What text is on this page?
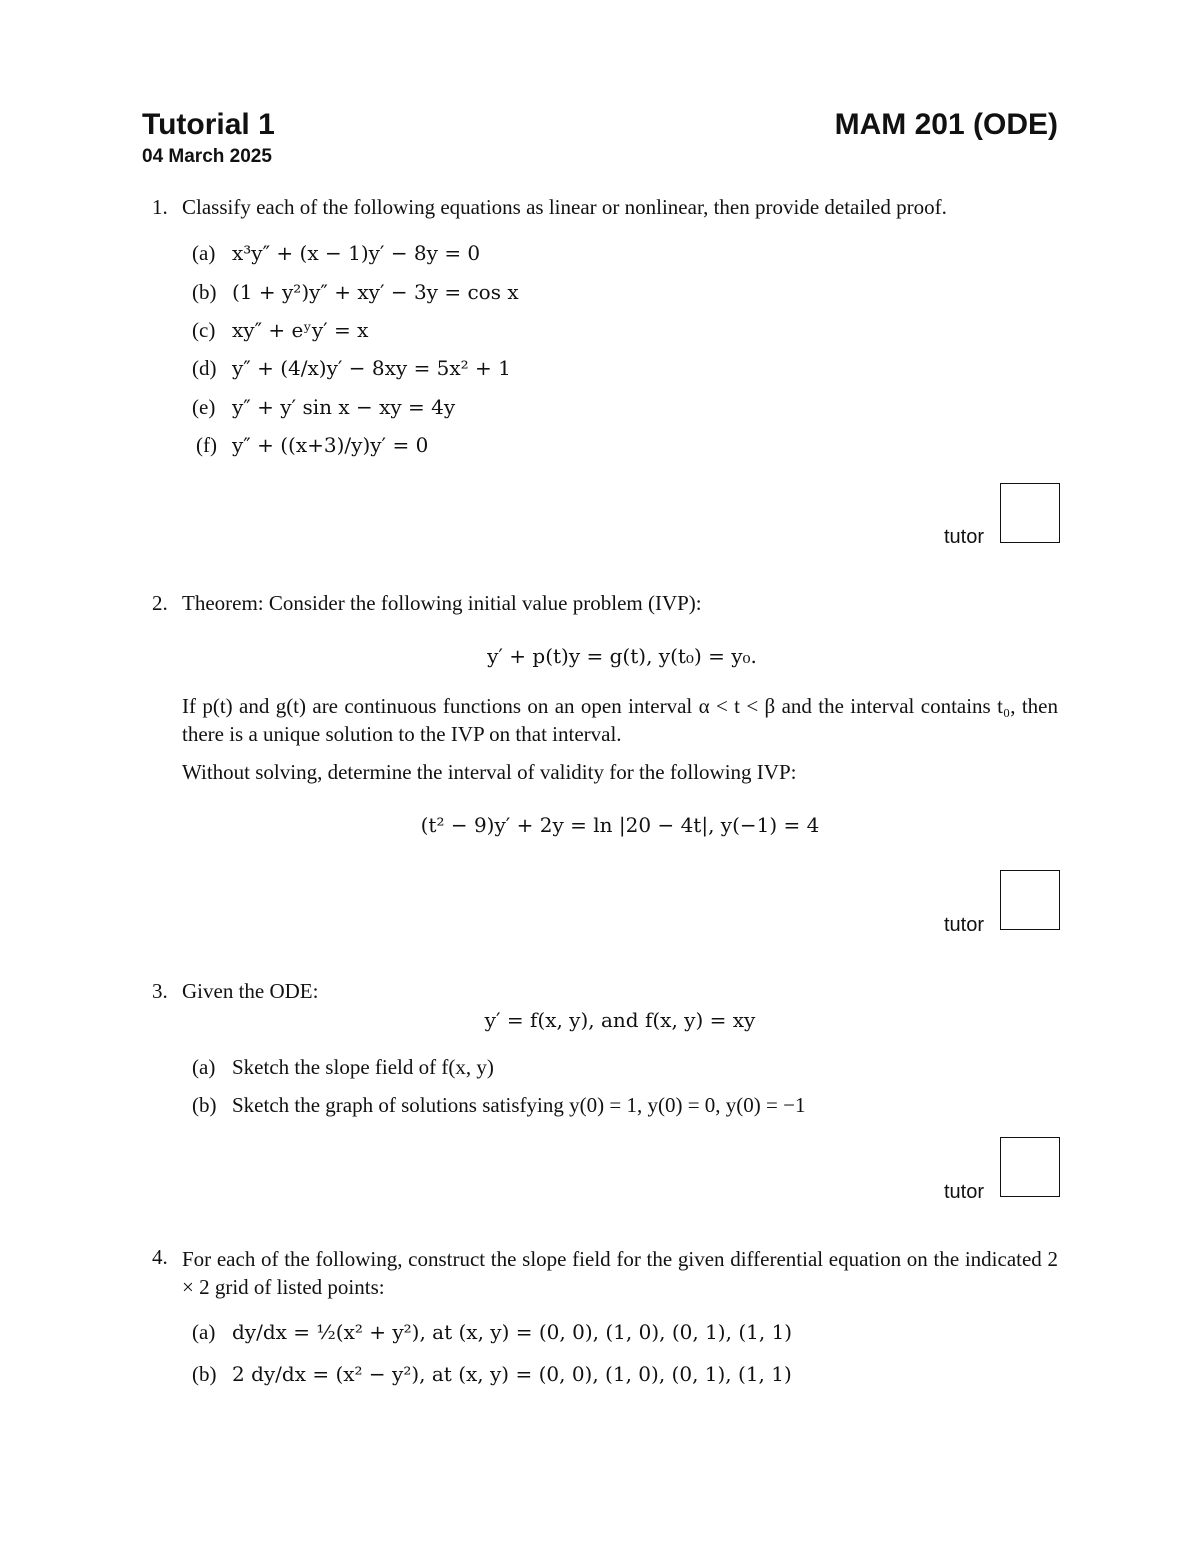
Tutorial 1	MAM 201 (ODE)
04 March 2025
1. Classify each of the following equations as linear or nonlinear, then provide detailed proof.
(a) x³y″ + (x − 1)y′ − 8y = 0
(b) (1 + y²)y″ + xy′ − 3y = cos x
(c) xy″ + eʸy′ = x
(d) y″ + (4/x)y′ − 8xy = 5x² + 1
(e) y″ + y′ sin x − xy = 4y
(f) y″ + ((x+3)/y)y′ = 0
tutor
2. Theorem: Consider the following initial value problem (IVP):
y′ + p(t)y = g(t), y(t₀) = y₀.
If p(t) and g(t) are continuous functions on an open interval α < t < β and the interval contains t₀, then there is a unique solution to the IVP on that interval.
Without solving, determine the interval of validity for the following IVP:
(t² − 9)y′ + 2y = ln |20 − 4t|, y(−1) = 4
tutor
3. Given the ODE:
y′ = f(x, y), and f(x, y) = xy
(a) Sketch the slope field of f(x, y)
(b) Sketch the graph of solutions satisfying y(0) = 1, y(0) = 0, y(0) = −1
tutor
4. For each of the following, construct the slope field for the given differential equation on the indicated 2 × 2 grid of listed points:
(a) dy/dx = ½(x² + y²), at (x, y) = (0, 0), (1, 0), (0, 1), (1, 1)
(b) 2 dy/dx = (x² − y²), at (x, y) = (0, 0), (1, 0), (0, 1), (1, 1)
